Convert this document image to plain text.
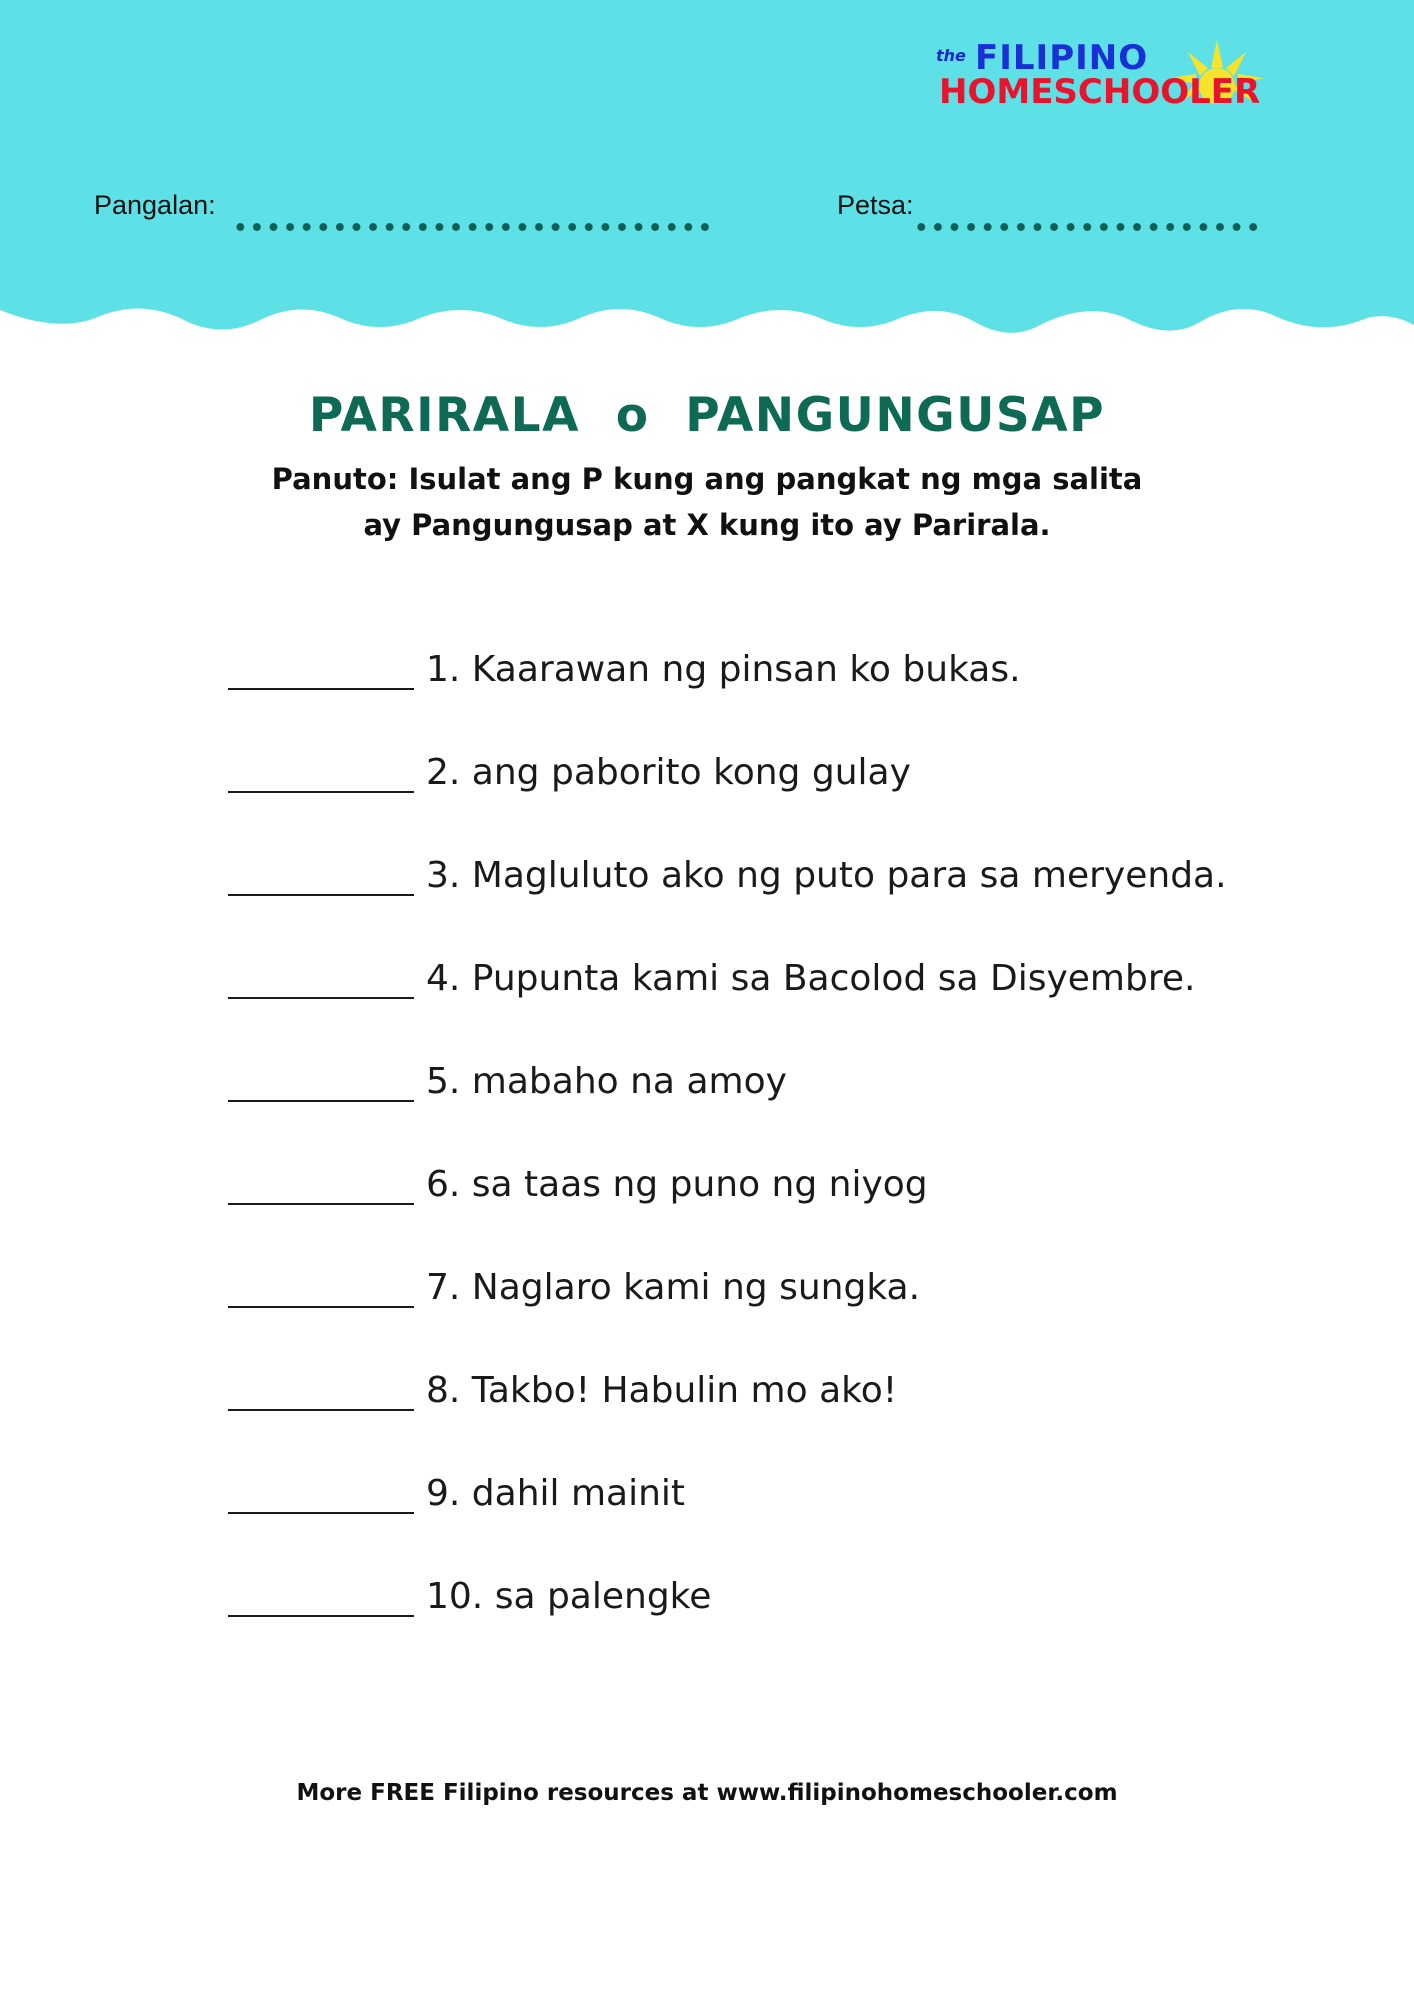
the FILIPINO
HOMESCHOOLER
Pangalan:	Petsa:
PARIRALA  o  PANGUNGUSAP
Panuto: Isulat ang P kung ang pangkat ng mga salita
ay Pangungusap at X kung ito ay Parirala.
1. Kaarawan ng pinsan ko bukas.
2. ang paborito kong gulay
3. Magluluto ako ng puto para sa meryenda.
4. Pupunta kami sa Bacolod sa Disyembre.
5. mabaho na amoy
6. sa taas ng puno ng niyog
7. Naglaro kami ng sungka.
8. Takbo! Habulin mo ako!
9. dahil mainit
10. sa palengke
More FREE Filipino resources at www.filipinohomeschooler.com
